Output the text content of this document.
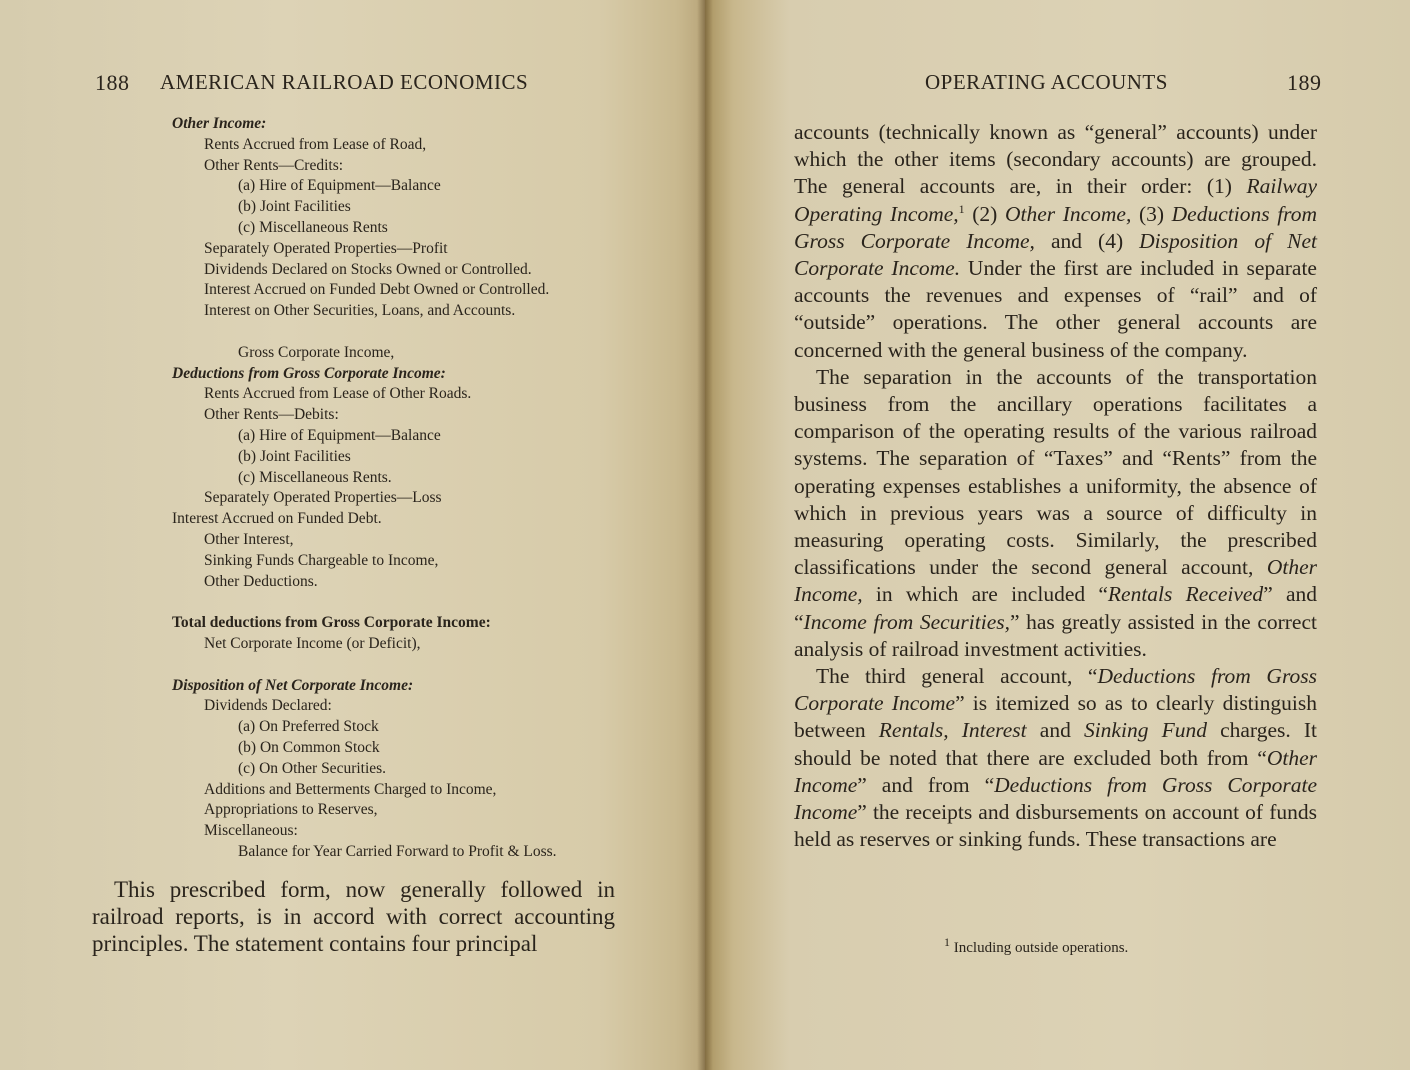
188 AMERICAN RAILROAD ECONOMICS	OPERATING ACCOUNTS	189
Other Income:
Rents Accrued from Lease of Road,
Other Rents—Credits:
(a) Hire of Equipment—Balance
(b) Joint Facilities
(c) Miscellaneous Rents
Separately Operated Properties—Profit
Dividends Declared on Stocks Owned or Controlled.
Interest Accrued on Funded Debt Owned or Controlled.
Interest on Other Securities, Loans, and Accounts.
Gross Corporate Income,
Deductions from Gross Corporate Income:
Rents Accrued from Lease of Other Roads.
Other Rents—Debits:
(a) Hire of Equipment—Balance
(b) Joint Facilities
(c) Miscellaneous Rents.
Separately Operated Properties—Loss
Interest Accrued on Funded Debt.
Other Interest,
Sinking Funds Chargeable to Income,
Other Deductions.
Total deductions from Gross Corporate Income:
Net Corporate Income (or Deficit),
Disposition of Net Corporate Income:
Dividends Declared:
(a) On Preferred Stock
(b) On Common Stock
(c) On Other Securities.
Additions and Betterments Charged to Income,
Appropriations to Reserves,
Miscellaneous:
Balance for Year Carried Forward to Profit & Loss.

This prescribed form, now generally followed in railroad reports, is in accord with correct accounting principles. The statement contains four principal

accounts (technically known as “general” accounts) under which the other items (secondary accounts) are grouped. The general accounts are, in their order: (1) Railway Operating Income,$^1$ (2) Other Income, (3) Deductions from Gross Corporate Income, and (4) Disposition of Net Corporate Income. Under the first are included in separate accounts the revenues and expenses of “rail” and of “outside” operations. The other general accounts are concerned with the general business of the company.

The separation in the accounts of the transportation business from the ancillary operations facilitates a comparison of the operating results of the various railroad systems. The separation of “Taxes” and “Rents” from the operating expenses establishes a uniformity, the absence of which in previous years was a source of difficulty in measuring operating costs. Similarly, the prescribed classifications under the second general account, Other Income, in which are included “Rentals Received” and “Income from Securities,” has greatly assisted in the correct analysis of railroad investment activities.

The third general account, “Deductions from Gross Corporate Income” is itemized so as to clearly distinguish between Rentals, Interest and Sinking Fund charges. It should be noted that there are excluded both from “Other Income” and from “Deductions from Gross Corporate Income” the receipts and disbursements on account of funds held as reserves or sinking funds. These transactions are

$^1$ Including outside operations.
